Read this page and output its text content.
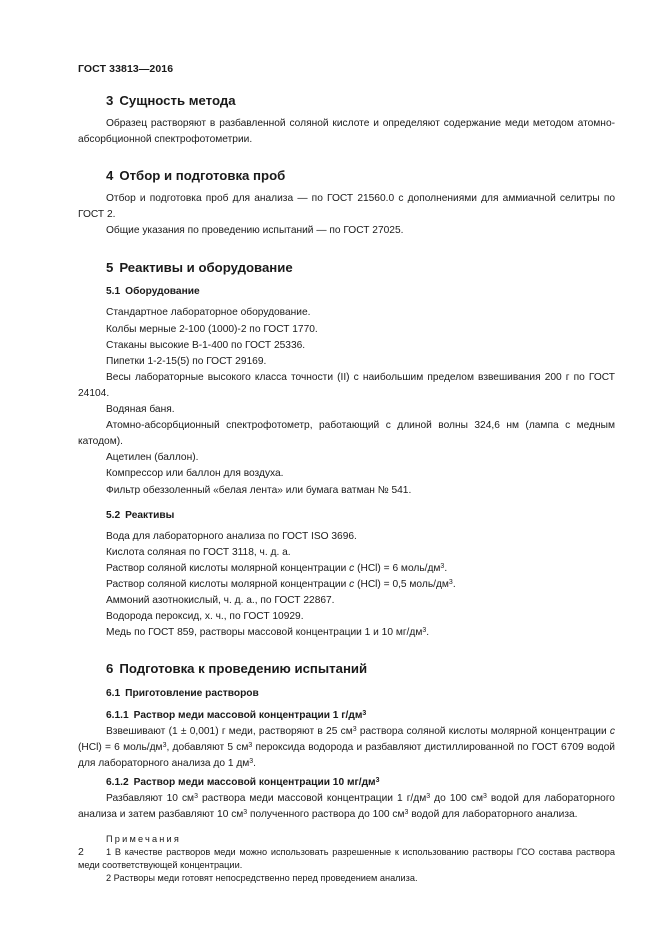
ГОСТ 33813—2016
3 Сущность метода

Образец растворяют в разбавленной соляной кислоте и определяют содержание меди методом атомно-абсорбционной спектрофотометрии.

4 Отбор и подготовка проб

Отбор и подготовка проб для анализа — по ГОСТ 21560.0 с дополнениями для аммиачной селитры по ГОСТ 2.

Общие указания по проведению испытаний — по ГОСТ 27025.

5 Реактивы и оборудование
5.1 Оборудование

Стандартное лабораторное оборудование.

Колбы мерные 2-100 (1000)-2 по ГОСТ 1770.

Стаканы высокие В-1-400 по ГОСТ 25336.

Пипетки 1-2-15(5) по ГОСТ 29169.

Весы лабораторные высокого класса точности (II) с наибольшим пределом взвешивания 200 г по ГОСТ 24104.

Водяная баня.

Атомно-абсорбционный спектрофотометр, работающий с длиной волны 324,6 нм (лампа с медным катодом).

Ацетилен (баллон).

Компрессор или баллон для воздуха.

Фильтр обеззоленный «белая лента» или бумага ватман № 541.

5.2 Реактивы

Вода для лабораторного анализа по ГОСТ ISO 3696.

Кислота соляная по ГОСТ 3118, ч. д. а.

Раствор соляной кислоты молярной концентрации c (HCl) = 6 моль/$дм^3$.

Раствор соляной кислоты молярной концентрации c (HCl) = 0,5 моль/$дм^3$.

Аммоний азотнокислый, ч. д. а., по ГОСТ 22867.

Водорода пероксид, х. ч., по ГОСТ 10929.

Медь по ГОСТ 859, растворы массовой концентрации 1 и 10 $мг/дм^3$.

6 Подготовка к проведению испытаний
6.1 Приготовление растворов
6.1.1 Раствор меди массовой концентрации 1 $г/дм^3$

Взвешивают (1 ± 0,001) г меди, растворяют в 25 $см^3$ раствора соляной кислоты молярной концентрации c (HCl) = 6 моль/$дм^3$, добавляют 5 $см^3$ пероксида водорода и разбавляют дистиллированной по ГОСТ 6709 водой для лабораторного анализа до 1 $дм^3$.

6.1.2 Раствор меди массовой концентрации 10 $мг/дм^3$

Разбавляют 10 $см^3$ раствора меди массовой концентрации 1 $г/дм^3$ до 100 $см^3$ водой для лабораторного анализа и затем разбавляют 10 $см^3$ полученного раствора до 100 $см^3$ водой для лабораторного анализа.

Примечания

1 В качестве растворов меди можно использовать разрешенные к использованию растворы ГСО состава раствора меди соответствующей концентрации.

2 Растворы меди готовят непосредственно перед проведением анализа.

2
